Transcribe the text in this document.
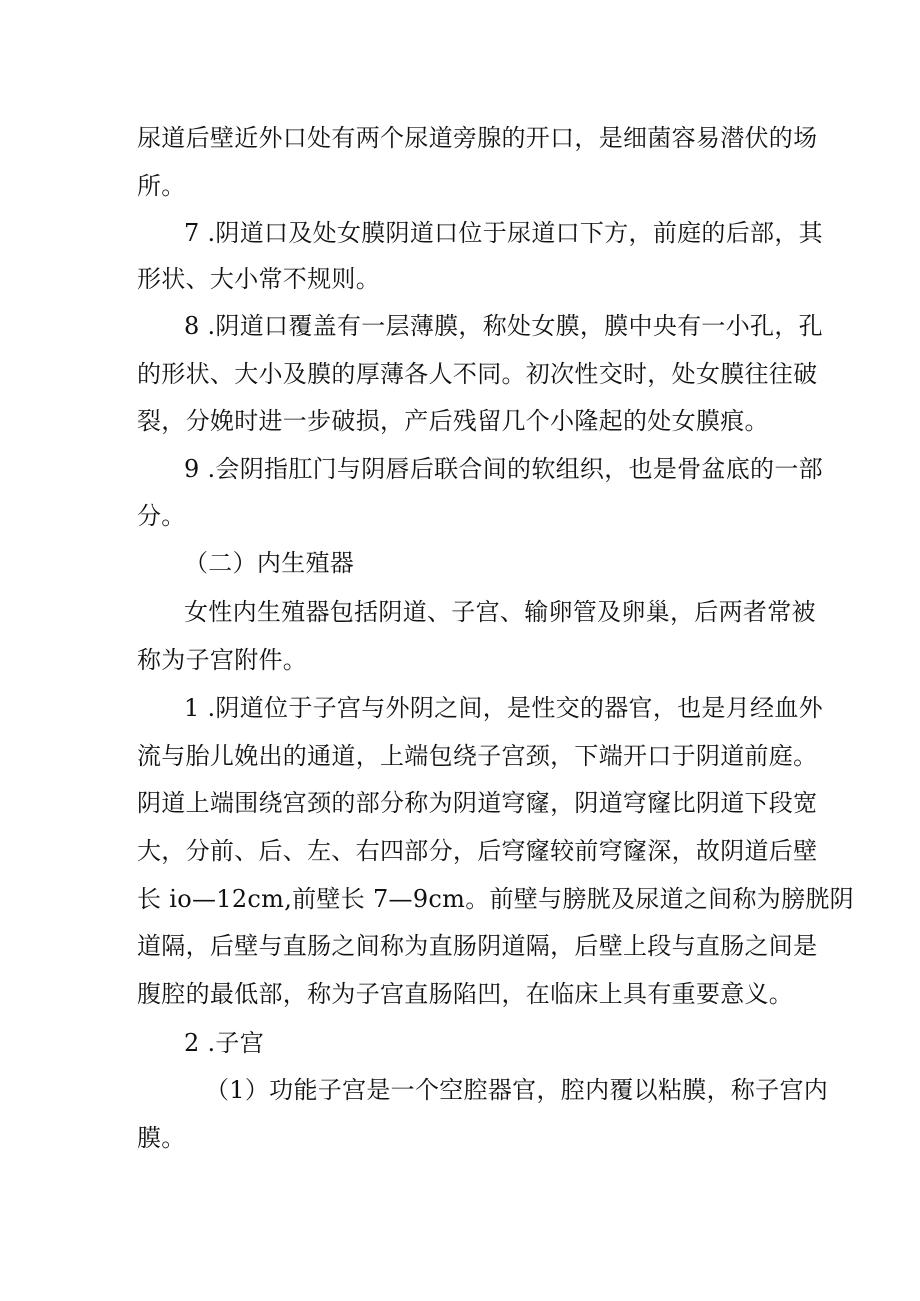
尿道后壁近外口处有两个尿道旁腺的开口，是细菌容易潜伏的场
所。
7 .阴道口及处女膜阴道口位于尿道口下方，前庭的后部，其
形状、大小常不规则。
8 .阴道口覆盖有一层薄膜，称处女膜，膜中央有一小孔，孔
的形状、大小及膜的厚薄各人不同。初次性交时，处女膜往往破
裂，分娩时进一步破损，产后残留几个小隆起的处女膜痕。
9 .会阴指肛门与阴唇后联合间的软组织，也是骨盆底的一部
分。
（二）内生殖器
女性内生殖器包括阴道、子宫、输卵管及卵巢，后两者常被
称为子宫附件。
1 .阴道位于子宫与外阴之间，是性交的器官，也是月经血外
流与胎儿娩出的通道，上端包绕子宫颈，下端开口于阴道前庭。
阴道上端围绕宫颈的部分称为阴道穹窿，阴道穹窿比阴道下段宽
大，分前、后、左、右四部分，后穹窿较前穹窿深，故阴道后壁
长 io—12cm,前壁长 7—9cm。前壁与膀胱及尿道之间称为膀胱阴
道隔，后壁与直肠之间称为直肠阴道隔，后壁上段与直肠之间是
腹腔的最低部，称为子宫直肠陷凹，在临床上具有重要意义。
2 .子宫
（1）功能子宫是一个空腔器官，腔内覆以粘膜，称子宫内
膜。
